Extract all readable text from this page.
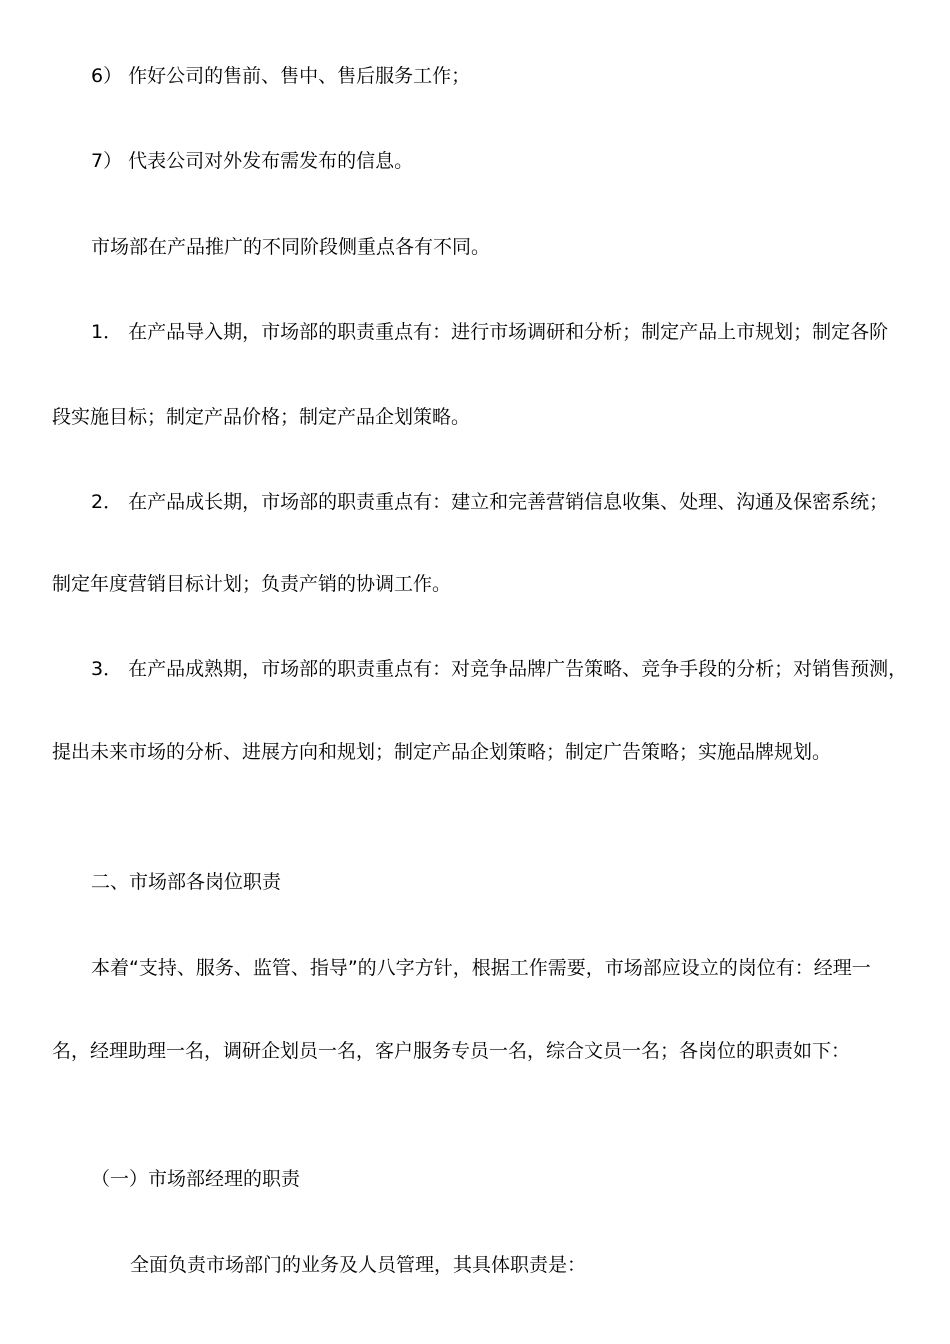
6） 作好公司的售前、售中、售后服务工作；
7） 代表公司对外发布需发布的信息。
市场部在产品推广的不同阶段侧重点各有不同。
1． 在产品导入期，市场部的职责重点有：进行市场调研和分析；制定产品上市规划；制定各阶
段实施目标；制定产品价格；制定产品企划策略。
2． 在产品成长期，市场部的职责重点有：建立和完善营销信息收集、处理、沟通及保密系统；
制定年度营销目标计划；负责产销的协调工作。
3． 在产品成熟期，市场部的职责重点有：对竞争品牌广告策略、竞争手段的分析；对销售预测，
提出未来市场的分析、进展方向和规划；制定产品企划策略；制定广告策略；实施品牌规划。
二、市场部各岗位职责
本着“支持、服务、监管、指导”的八字方针，根据工作需要，市场部应设立的岗位有：经理一
名，经理助理一名，调研企划员一名，客户服务专员一名，综合文员一名；各岗位的职责如下：
（一）市场部经理的职责
全面负责市场部门的业务及人员管理，其具体职责是：
